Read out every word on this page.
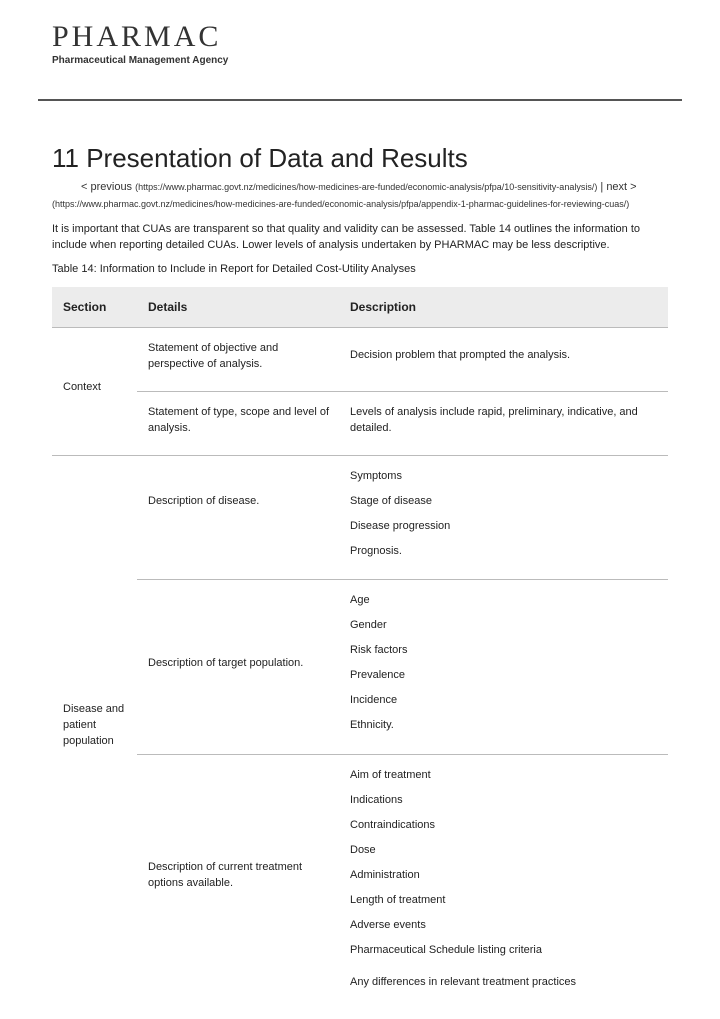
PHARMAC
Pharmaceutical Management Agency
11 Presentation of Data and Results
< previous (https://www.pharmac.govt.nz/medicines/how-medicines-are-funded/economic-analysis/pfpa/10-sensitivity-analysis/) | next >
(https://www.pharmac.govt.nz/medicines/how-medicines-are-funded/economic-analysis/pfpa/appendix-1-pharmac-guidelines-for-reviewing-cuas/)
It is important that CUAs are transparent so that quality and validity can be assessed. Table 14 outlines the information to include when reporting detailed CUAs. Lower levels of analysis undertaken by PHARMAC may be less descriptive.
Table 14: Information to Include in Report for Detailed Cost-Utility Analyses
Section	Details	Description
Context
Statement of objective and perspective of analysis.
Decision problem that prompted the analysis.
Statement of type, scope and level of analysis.
Levels of analysis include rapid, preliminary, indicative, and detailed.
Disease and patient population
Description of disease.
Symptoms
Stage of disease
Disease progression
Prognosis.
Description of target population.
Age
Gender
Risk factors
Prevalence
Incidence
Ethnicity.
Description of current treatment options available.
Aim of treatment
Indications
Contraindications
Dose
Administration
Length of treatment
Adverse events
Pharmaceutical Schedule listing criteria
Any differences in relevant treatment practices
